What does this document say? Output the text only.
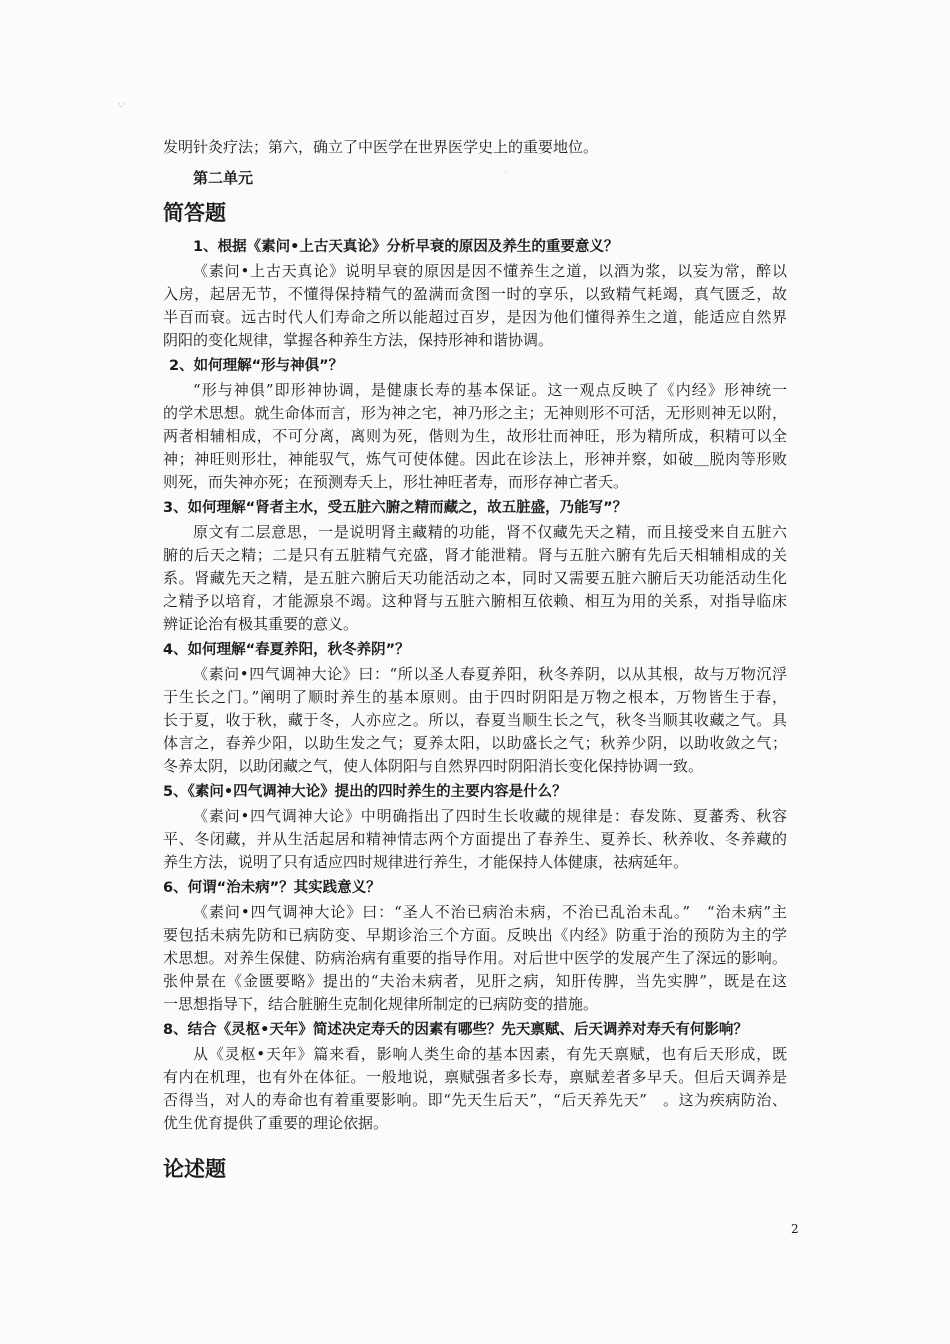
·.·
·
发明针灸疗法；第六，确立了中医学在世界医学史上的重要地位。
第二单元
简答题
1、根据《素问•上古天真论》分析早衰的原因及养生的重要意义？
《素问•上古天真论》说明早衰的原因是因不懂养生之道，以酒为浆，以妄为常，醉以
入房，起居无节，不懂得保持精气的盈满而贪图一时的享乐，以致精气耗竭，真气匮乏，故
半百而衰。远古时代人们寿命之所以能超过百岁，是因为他们懂得养生之道，能适应自然界
阴阳的变化规律，掌握各种养生方法，保持形神和谐协调。
2、如何理解“形与神俱”？
“形与神俱”即形神协调，是健康长寿的基本保证。这一观点反映了《内经》形神统一
的学术思想。就生命体而言，形为神之宅，神乃形之主；无神则形不可活，无形则神无以附，
两者相辅相成，不可分离，离则为死，偕则为生，故形壮而神旺，形为精所成，积精可以全
神；神旺则形壮，神能驭气，炼气可使体健。因此在诊法上，形神并察，如破＿脱肉等形败
则死，而失神亦死；在预测寿夭上，形壮神旺者寿，而形存神亡者夭。
3、如何理解“肾者主水，受五脏六腑之精而藏之，故五脏盛，乃能写”？
原文有二层意思，一是说明肾主藏精的功能，肾不仅藏先天之精，而且接受来自五脏六
腑的后天之精；二是只有五脏精气充盛，肾才能泄精。肾与五脏六腑有先后天相辅相成的关
系。肾藏先天之精，是五脏六腑后天功能活动之本，同时又需要五脏六腑后天功能活动生化
之精予以培育，才能源泉不竭。这种肾与五脏六腑相互依赖、相互为用的关系，对指导临床
辨证论治有极其重要的意义。
4、如何理解“春夏养阳，秋冬养阴”？
《素问•四气调神大论》曰：“所以圣人春夏养阳，秋冬养阴，以从其根，故与万物沉浮
于生长之门。”阐明了顺时养生的基本原则。由于四时阴阳是万物之根本，万物皆生于春，
长于夏，收于秋，藏于冬，人亦应之。所以，春夏当顺生长之气，秋冬当顺其收藏之气。具
体言之，春养少阳，以助生发之气；夏养太阳，以助盛长之气；秋养少阴，以助收敛之气；
冬养太阴，以助闭藏之气，使人体阴阳与自然界四时阴阳消长变化保持协调一致。
5、《素问•四气调神大论》提出的四时养生的主要内容是什么？
《素问•四气调神大论》中明确指出了四时生长收藏的规律是：春发陈、夏蕃秀、秋容
平、冬闭藏，并从生活起居和精神情志两个方面提出了春养生、夏养长、秋养收、冬养藏的
养生方法，说明了只有适应四时规律进行养生，才能保持人体健康，祛病延年。
6、何谓“治未病”？其实践意义？
《素问•四气调神大论》曰：“圣人不治已病治未病，不治已乱治未乱。”　“治未病”主
要包括未病先防和已病防变、早期诊治三个方面。反映出《内经》防重于治的预防为主的学
术思想。对养生保健、防病治病有重要的指导作用。对后世中医学的发展产生了深远的影响。
张仲景在《金匮要略》提出的“夫治未病者，见肝之病，知肝传脾，当先实脾”，既是在这
一思想指导下，结合脏腑生克制化规律所制定的已病防变的措施。
8、结合《灵枢•天年》简述决定寿夭的因素有哪些？先天禀赋、后天调养对寿夭有何影响？
从《灵枢•天年》篇来看，影响人类生命的基本因素，有先天禀赋，也有后天形成，既
有内在机理，也有外在体征。一般地说，禀赋强者多长寿，禀赋差者多早夭。但后天调养是
否得当，对人的寿命也有着重要影响。即“先天生后天”，“后天养先天”　。这为疾病防治、
优生优育提供了重要的理论依据。
论述题
2
